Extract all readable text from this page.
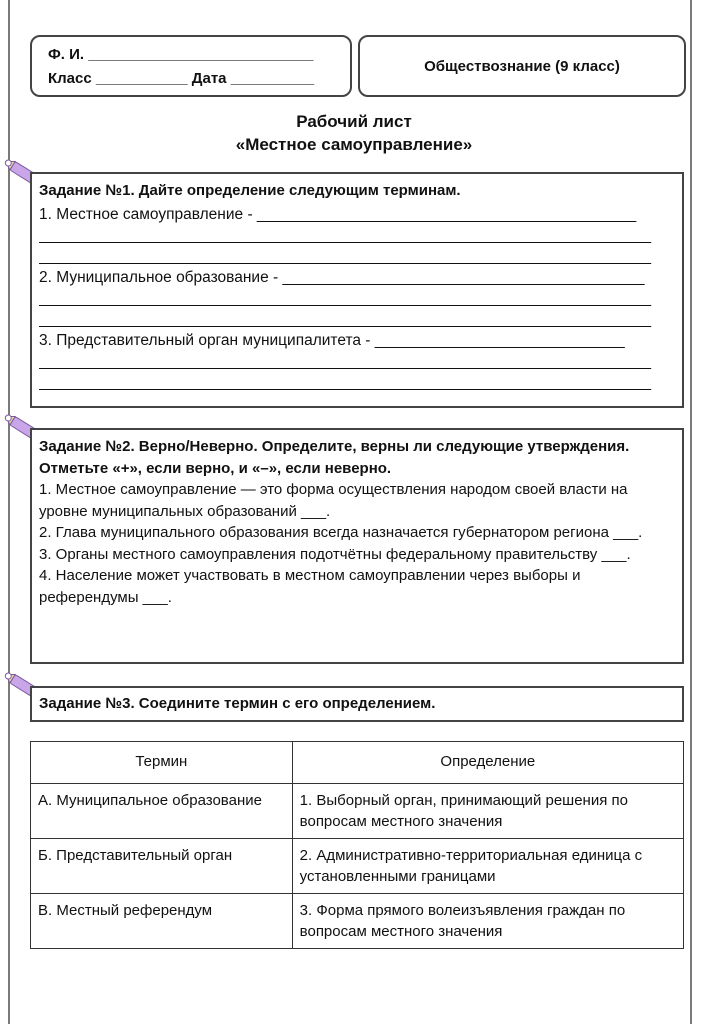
Ф. И. ___________________________
Класс ___________ Дата __________
Обществознание (9 класс)
Рабочий лист
«Местное самоуправление»
Задание №1. Дайте определение следующим терминам.
1. Местное самоуправление - ____________________________________________
_______________________________________________________________________
_______________________________________________________________________
2. Муниципальное образование - __________________________________________
_______________________________________________________________________
_______________________________________________________________________
3. Представительный орган муниципалитета - _____________________________
_______________________________________________________________________
_______________________________________________________________________
Задание №2. Верно/Неверно. Определите, верны ли следующие утверждения. Отметьте «+», если верно, и «–», если неверно.
1. Местное самоуправление — это форма осуществления народом своей власти на уровне муниципальных образований ___.
2. Глава муниципального образования всегда назначается губернатором региона ___.
3. Органы местного самоуправления подотчётны федеральному правительству ___.
4. Население может участвовать в местном самоуправлении через выборы и референдумы ___.
Задание №3. Соедините термин с его определением.
Термин	Определение
А. Муниципальное образование	1. Выборный орган, принимающий решения по вопросам местного значения
Б. Представительный орган	2. Административно-территориальная единица с установленными границами
В. Местный референдум	3. Форма прямого волеизъявления граждан по вопросам местного значения
